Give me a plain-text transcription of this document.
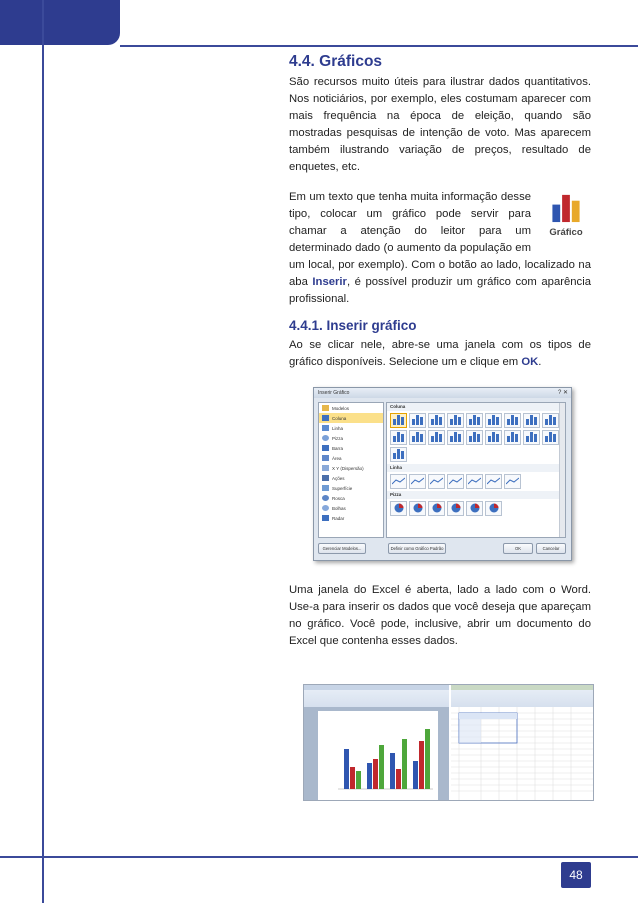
4.4. Gráficos

São recursos muito úteis para ilustrar dados quantitativos. Nos noticiários, por exemplo, eles costumam aparecer com mais frequência na época de eleição, quando são mostradas pesquisas de intenção de voto. Mas aparecem também ilustrando variação de preços, resultado de enquetes, etc.

Gráfico
Em um texto que tenha muita informação desse tipo, colocar um gráfico pode servir para chamar a atenção do leitor para um determinado dado (o aumento da população em um local, por exemplo). Com o botão ao lado, localizado na aba Inserir, é possível produzir um gráfico com aparência profissional.
4.4.1. Inserir gráfico

Ao se clicar nele, abre-se uma janela com os tipos de gráfico disponíveis. Selecione um e clique em OK.

Inserir Gráfico	? ✕
Modelos
Coluna
Linha
Pizza
Barra
Área
X Y (Dispersão)
Ações
Superfície
Rosca
Bolhas
Radar
Coluna
Linha
Pizza
Gerenciar Modelos...	Definir como Gráfico Padrão	OK	Cancelar

Uma janela do Excel é aberta, lado a lado com o Word. Use-a para inserir os dados que você deseja que apareçam no gráfico. Você pode, inclusive, abrir um documento do Excel que contenha esses dados.

48
